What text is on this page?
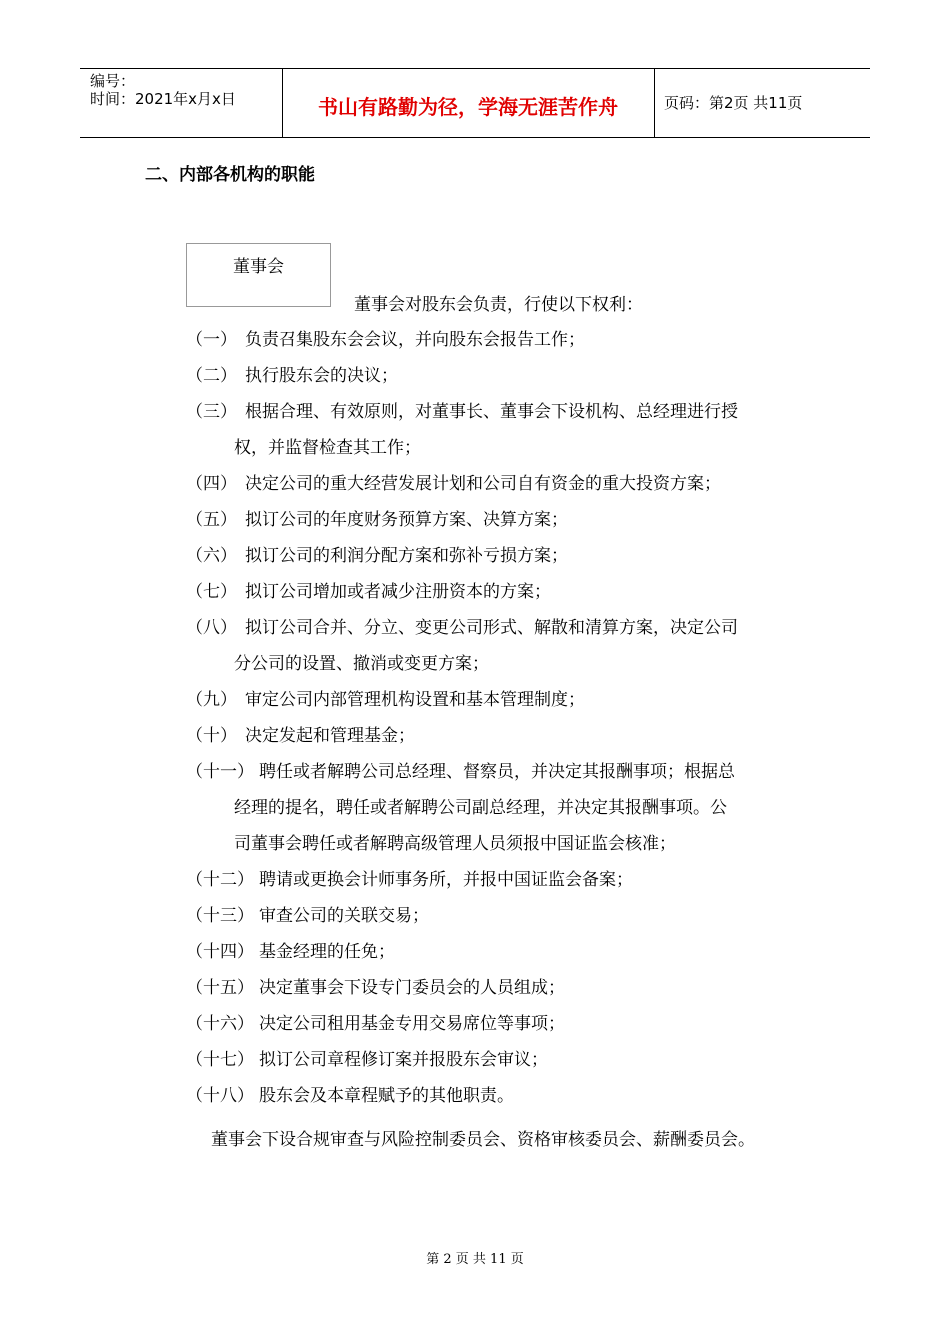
编号：
时间：2021年x月x日	书山有路勤为径，学海无涯苦作舟	页码：第2页 共11页
二、内部各机构的职能
董事会
董事会对股东会负责，行使以下权利：
（一） 负责召集股东会会议，并向股东会报告工作；
（二） 执行股东会的决议；
（三） 根据合理、有效原则，对董事长、董事会下设机构、总经理进行授
权，并监督检查其工作；
（四） 决定公司的重大经营发展计划和公司自有资金的重大投资方案；
（五） 拟订公司的年度财务预算方案、决算方案；
（六） 拟订公司的利润分配方案和弥补亏损方案；
（七） 拟订公司增加或者减少注册资本的方案；
（八） 拟订公司合并、分立、变更公司形式、解散和清算方案，决定公司
分公司的设置、撤消或变更方案；
（九） 审定公司内部管理机构设置和基本管理制度；
（十） 决定发起和管理基金；
（十一） 聘任或者解聘公司总经理、督察员，并决定其报酬事项；根据总
经理的提名，聘任或者解聘公司副总经理，并决定其报酬事项。公
司董事会聘任或者解聘高级管理人员须报中国证监会核准；
（十二） 聘请或更换会计师事务所，并报中国证监会备案；
（十三） 审查公司的关联交易；
（十四） 基金经理的任免；
（十五） 决定董事会下设专门委员会的人员组成；
（十六） 决定公司租用基金专用交易席位等事项；
（十七） 拟订公司章程修订案并报股东会审议；
（十八） 股东会及本章程赋予的其他职责。
董事会下设合规审查与风险控制委员会、资格审核委员会、薪酬委员会。
第 2 页 共 11 页
